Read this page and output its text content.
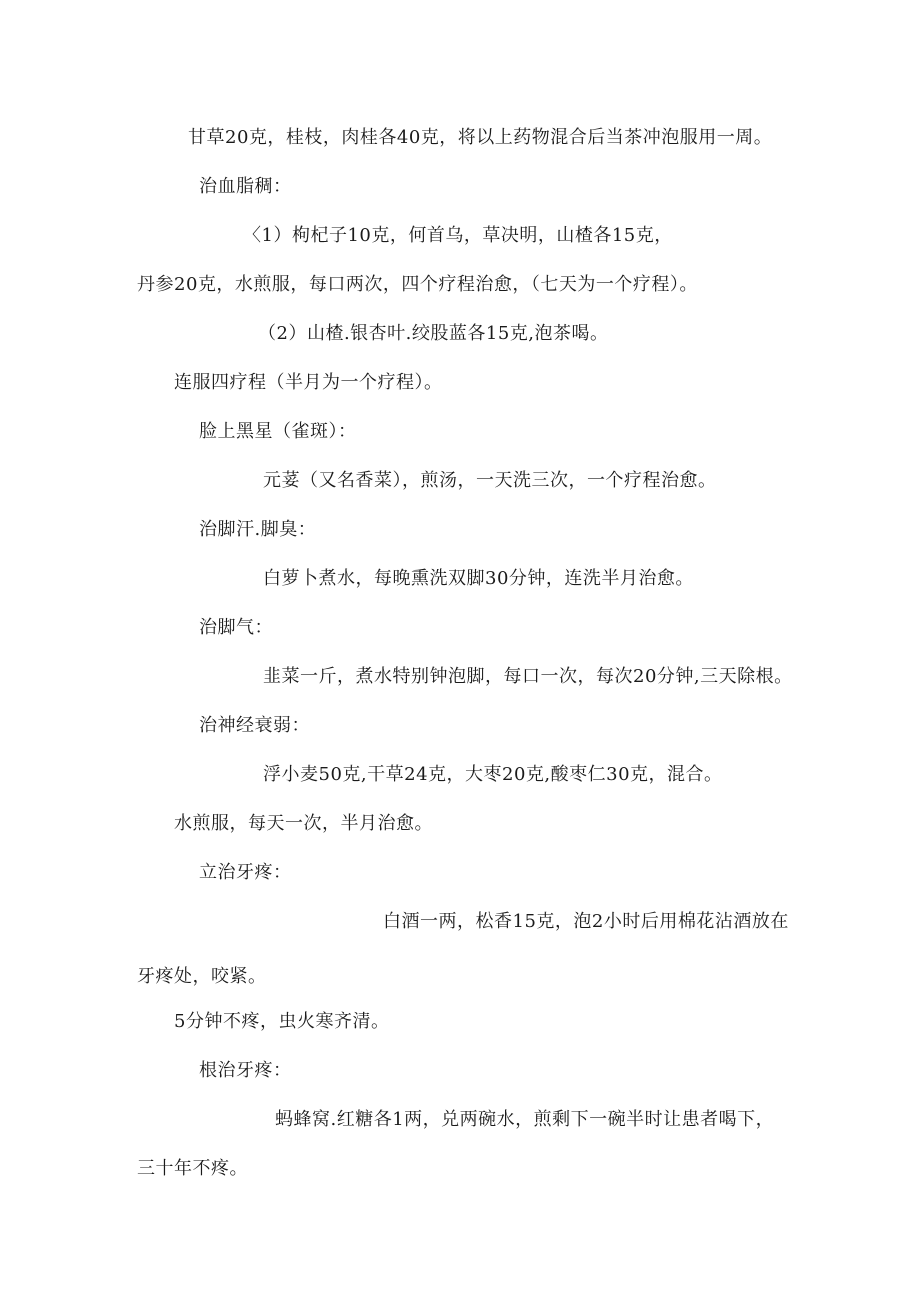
甘草20克，桂枝，肉桂各40克，将以上药物混合后当茶冲泡服用一周。
治血脂稠：
〈1）枸杞子10克，何首乌，草决明，山楂各15克，
丹参20克，水煎服，每口两次，四个疗程治愈，（七天为一个疗程）。
（2）山楂.银杏叶.绞股蓝各15克,泡茶喝。
连服四疗程（半月为一个疗程）。
脸上黑星（雀斑）：
元荽（又名香菜），煎汤，一天洗三次，一个疗程治愈。
治脚汗.脚臭：
白萝卜煮水，每晚熏洗双脚30分钟，连洗半月治愈。
治脚气：
韭菜一斤，煮水特别钟泡脚，每口一次，每次20分钟,三天除根。
治神经衰弱：
浮小麦50克,干草24克，大枣20克,酸枣仁30克，混合。
水煎服，每天一次，半月治愈。
立治牙疼：
白酒一两，松香15克，泡2小时后用棉花沾酒放在
牙疼处，咬紧。
5分钟不疼，虫火寒齐清。
根治牙疼：
蚂蜂窝.红糖各1两，兑两碗水，煎剩下一碗半时让患者喝下，
三十年不疼。
